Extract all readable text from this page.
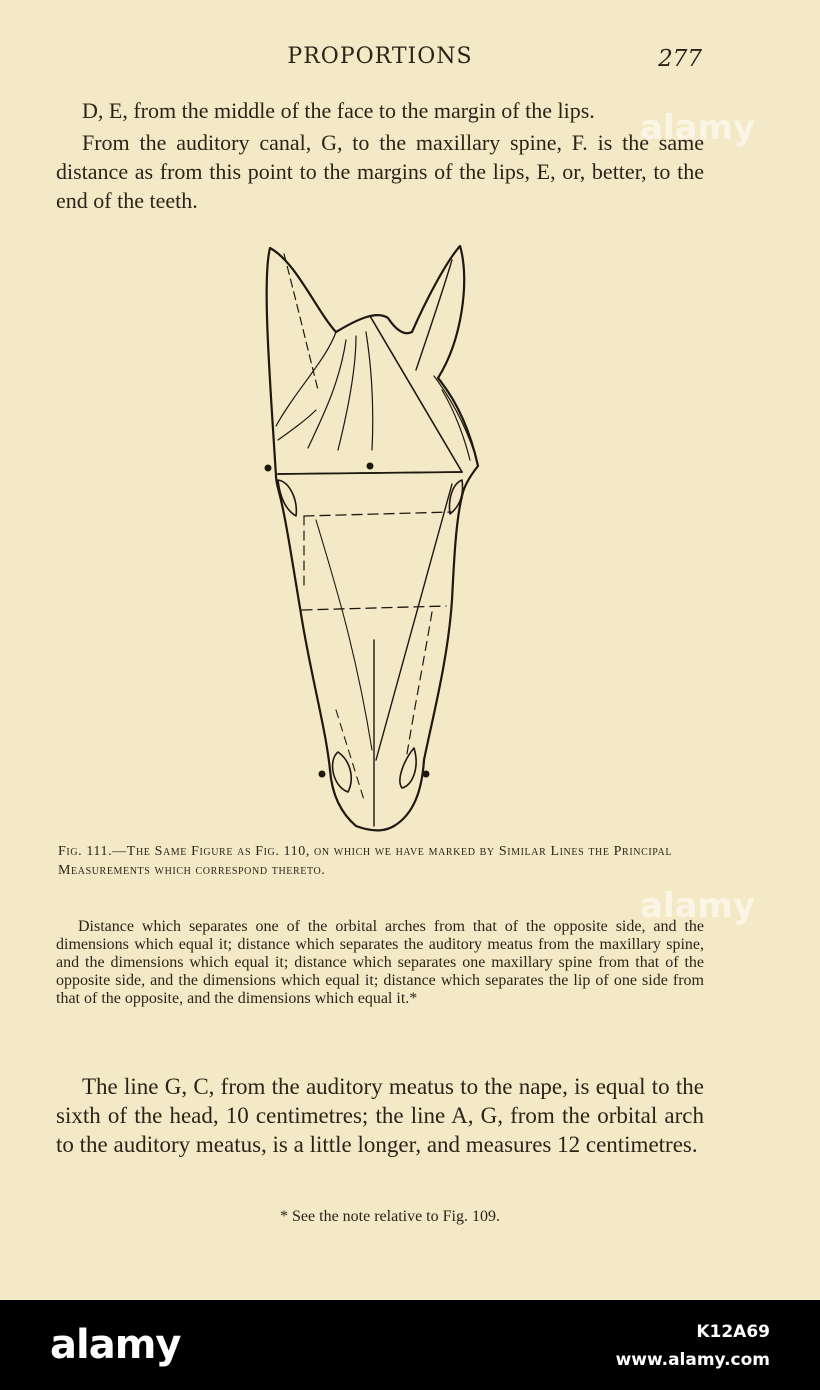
PROPORTIONS	277

D, E, from the middle of the face to the margin of the lips.

From the auditory canal, G, to the maxillary spine, F. is the same distance as from this point to the margins of the lips, E, or, better, to the end of the teeth.

Fig. 111.—The Same Figure as Fig. 110, on which we have marked by Similar Lines the Principal Measurements which correspond thereto.

Distance which separates one of the orbital arches from that of the opposite side, and the dimensions which equal it; distance which separates the auditory meatus from the maxillary spine, and the dimensions which equal it; distance which separates one maxillary spine from that of the opposite side, and the dimensions which equal it; distance which separates the lip of one side from that of the opposite, and the dimensions which equal it.*

The line G, C, from the auditory meatus to the nape, is equal to the sixth of the head, 10 centimetres; the line A, G, from the orbital arch to the auditory meatus, is a little longer, and measures 12 centimetres.

* See the note relative to Fig. 109.
alamy
alamy
alamy	K12A69
www.alamy.com
